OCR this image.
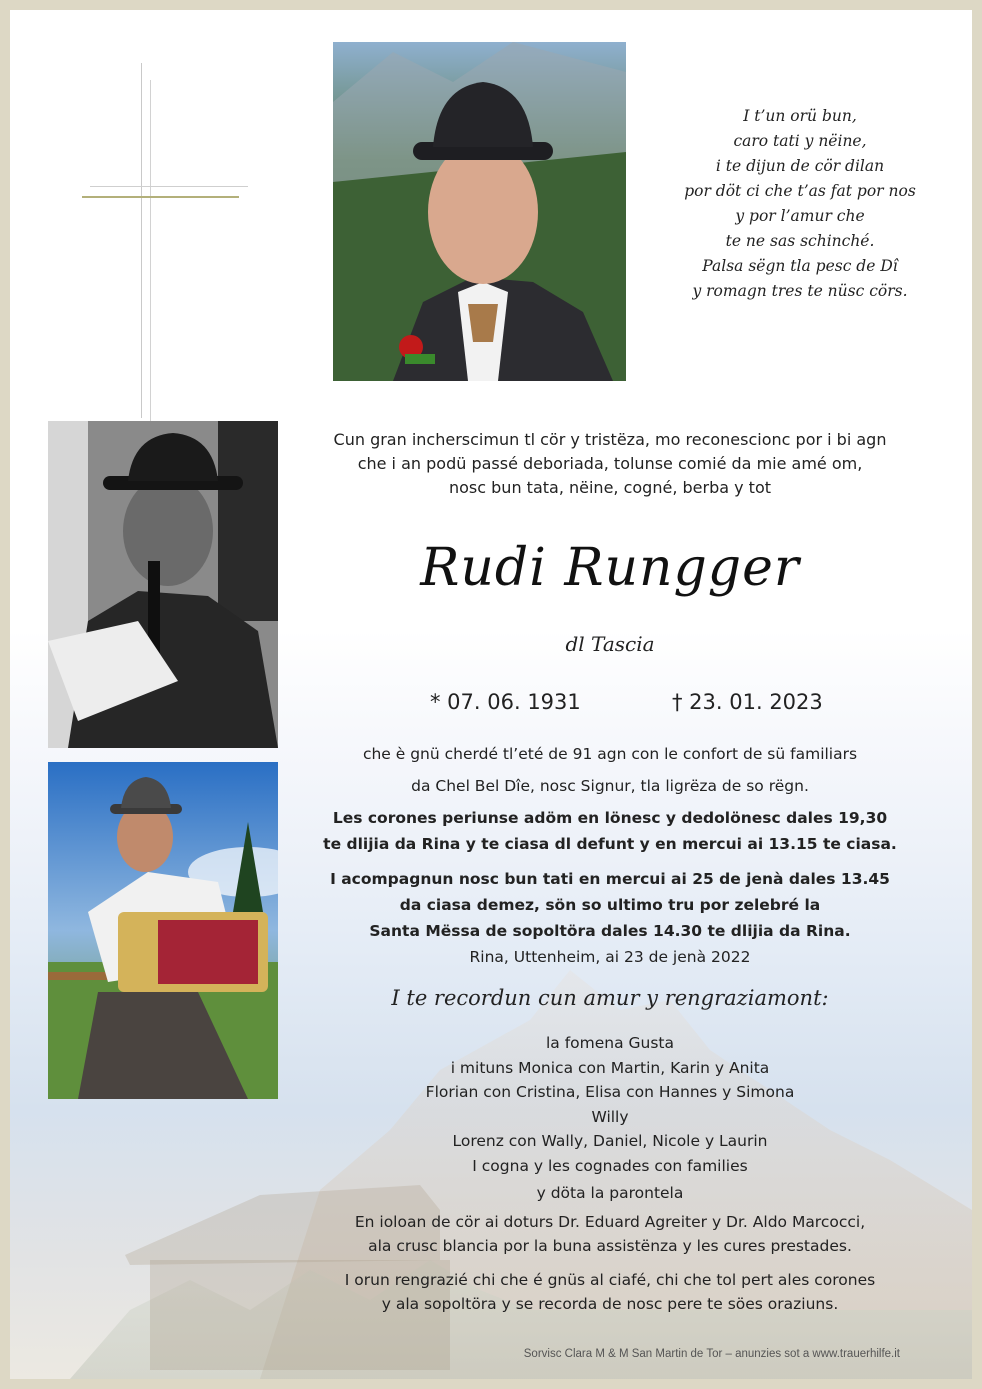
I t’un orü bun,
caro tati y nëine,
i te dijun de cör dilan
por döt ci che t’as fat por nos
y por l’amur che
te ne sas schinché.
Palsa sëgn tla pesc de Dî
y romagn tres te nüsc cörs.
Cun gran incherscimun tl cör y tristëza, mo reconescionc por i bi agn
che i an podü passé deboriada, tolunse comié da mie amé om,
nosc bun tata, nëine, cogné, berba y tot
Rudi Rungger
dl Tascia
* 07. 06. 1931	† 23. 01. 2023
che è gnü cherdé tl’eté de 91 agn con le confort de sü familiars
da Chel Bel Dîe, nosc Signur, tla ligrëza de so rëgn.
Les corones periunse adöm en lönesc y dedolönesc dales 19,30
te dlijia da Rina y te ciasa dl defunt y en mercui ai 13.15 te ciasa.
I acompagnun nosc bun tati en mercui ai 25 de jenà dales 13.45
da ciasa demez, sön so ultimo tru por zelebré la
Santa Mëssa de sopoltöra dales 14.30 te dlijia da Rina.
Rina, Uttenheim, ai 23 de jenà 2022
I te recordun cun amur y rengraziamont:
la fomena Gusta
i mituns Monica con Martin, Karin y Anita
Florian con Cristina, Elisa con Hannes y Simona
Willy
Lorenz con Wally, Daniel, Nicole y Laurin
I cogna y les cognades con families
y döta la parontela
En ioloan de cör ai doturs Dr. Eduard Agreiter y Dr. Aldo Marcocci,
ala crusc blancia por la buna assistënza y les cures prestades.
I orun rengrazié chi che é gnüs al ciafé, chi che tol pert ales corones
y ala sopoltöra y se recorda de nosc pere te söes oraziuns.
Sorvisc Clara M & M San Martin de Tor – anunzies sot a www.trauerhilfe.it
